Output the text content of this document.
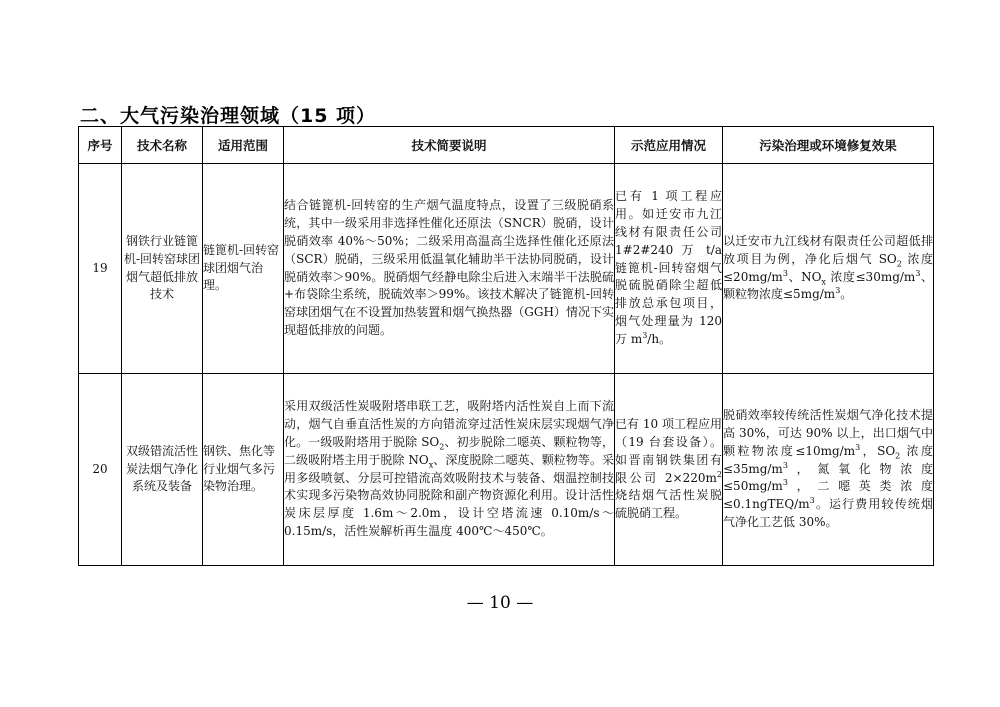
二、大气污染治理领域（15 项）
序号	技术名称	适用范围	技术简要说明	示范应用情况	污染治理或环境修复效果
19	钢铁行业链篦机-回转窑球团烟气超低排放技术	链篦机-回转窑球团烟气治理。	结合链篦机-回转窑的生产烟气温度特点，设置了三级脱硝系统，其中一级采用非选择性催化还原法（SNCR）脱硝，设计脱硝效率 40%～50%；二级采用高温高尘选择性催化还原法（SCR）脱硝，三级采用低温氧化辅助半干法协同脱硝，设计脱硝效率＞90%。脱硝烟气经静电除尘后进入末端半干法脱硫+布袋除尘系统，脱硫效率＞99%。该技术解决了链篦机-回转窑球团烟气在不设置加热装置和烟气换热器（GGH）情况下实现超低排放的问题。	已有 1 项工程应用。如迁安市九江线材有限责任公司 1#2#240 万 t/a 链篦机-回转窑烟气脱硫脱硝除尘超低排放总承包项目，烟气处理量为 120 万 $m^3/h$。	以迁安市九江线材有限责任公司超低排放项目为例，净化后烟气 $SO_2$ 浓度$\le 20mg/m^3$、$NO_x$ 浓度$\le 30mg/m^3$、颗粒物浓度$\le 5mg/m^3$。
20	双级错流活性炭法烟气净化系统及装备	钢铁、焦化等行业烟气多污染物治理。	采用双级活性炭吸附塔串联工艺，吸附塔内活性炭自上而下流动，烟气自垂直活性炭的方向错流穿过活性炭床层实现烟气净化。一级吸附塔用于脱除 $SO_2$、初步脱除二噁英、颗粒物等，二级吸附塔主用于脱除 $NO_x$、深度脱除二噁英、颗粒物等。采用多级喷氨、分层可控错流高效吸附技术与装备、烟温控制技术实现多污染物高效协同脱除和副产物资源化利用。设计活性炭床层厚度 1.6m～2.0m，设计空塔流速 0.10m/s～0.15m/s，活性炭解析再生温度 400℃～450℃。	已有 10 项工程应用（19 台套设备）。如晋南钢铁集团有限公司 $2\times 220m^2$ 烧结烟气活性炭脱硫脱硝工程。	脱硝效率较传统活性炭烟气净化技术提高 30%，可达 90% 以上，出口烟气中颗粒物浓度$\le 10mg/m^3$，$SO_2$ 浓度$\le 35mg/m^3$，氮氧化物浓度$\le 50mg/m^3$，二噁英类浓度$\le 0.1ngTEQ/m^3$。运行费用较传统烟气净化工艺低 30%。
— 10 —
